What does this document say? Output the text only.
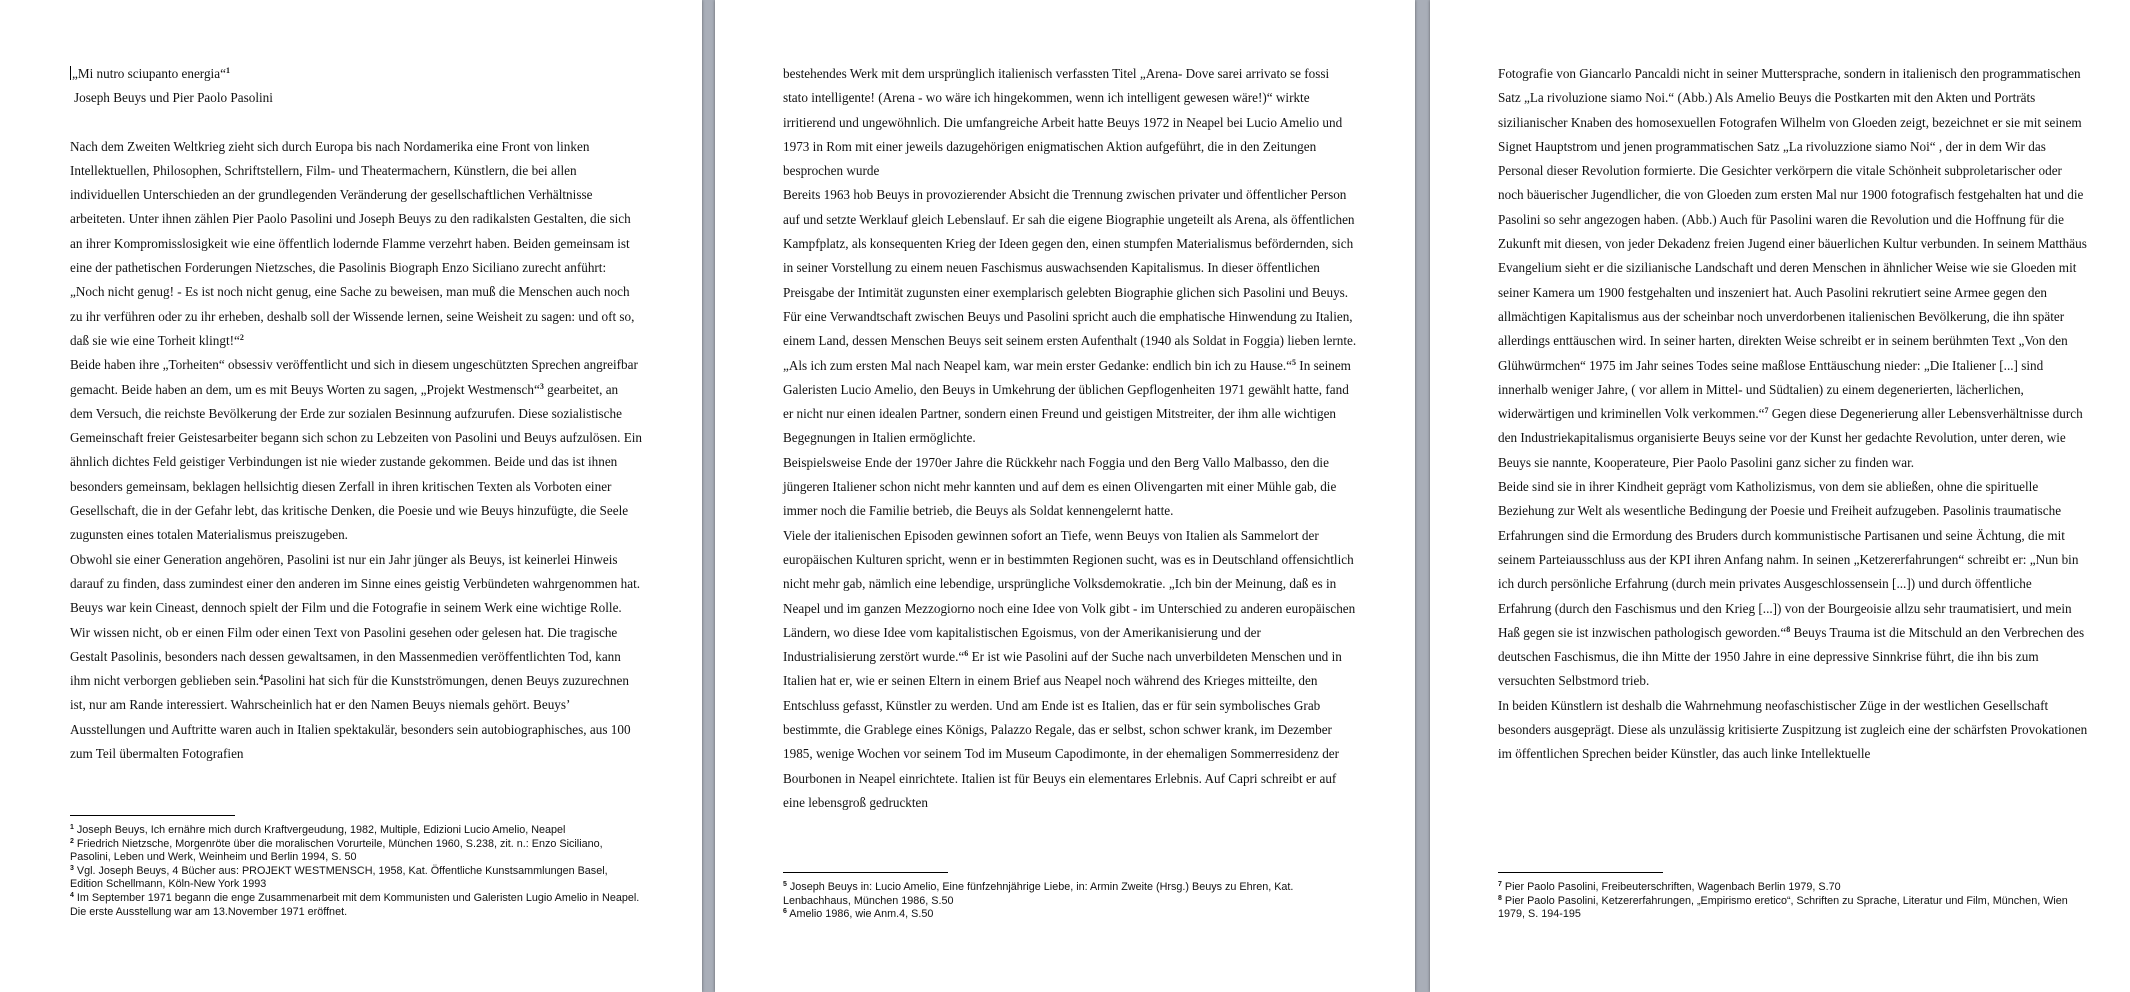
„Mi nutro sciupanto energia“$^1$

Joseph Beuys und Pier Paolo Pasolini

Nach dem Zweiten Weltkrieg zieht sich durch Europa bis nach Nordamerika eine Front von linken Intellektuellen, Philosophen, Schriftstellern, Film- und Theatermachern, Künstlern, die bei allen individuellen Unterschieden an der grundlegenden Veränderung der gesellschaftlichen Verhältnisse arbeiteten. Unter ihnen zählen Pier Paolo Pasolini und Joseph Beuys zu den radikalsten Gestalten, die sich an ihrer Kompromisslosigkeit wie eine öffentlich lodernde Flamme verzehrt haben. Beiden gemeinsam ist eine der pathetischen Forderungen Nietzsches, die Pasolinis Biograph Enzo Siciliano zurecht anführt: „Noch nicht genug! - Es ist noch nicht genug, eine Sache zu beweisen, man muß die Menschen auch noch zu ihr verführen oder zu ihr erheben, deshalb soll der Wissende lernen, seine Weisheit zu sagen: und oft so, daß sie wie eine Torheit klingt!“$^2$

Beide haben ihre „Torheiten“ obsessiv veröffentlicht und sich in diesem ungeschützten Sprechen angreifbar gemacht. Beide haben an dem, um es mit Beuys Worten zu sagen, „Projekt Westmensch“$^3$ gearbeitet, an dem Versuch, die reichste Bevölkerung der Erde zur sozialen Besinnung aufzurufen. Diese sozialistische Gemeinschaft freier Geistesarbeiter begann sich schon zu Lebzeiten von Pasolini und Beuys aufzulösen. Ein ähnlich dichtes Feld geistiger Verbindungen ist nie wieder zustande gekommen. Beide und das ist ihnen besonders gemeinsam, beklagen hellsichtig diesen Zerfall in ihren kritischen Texten als Vorboten einer Gesellschaft, die in der Gefahr lebt, das kritische Denken, die Poesie und wie Beuys hinzufügte, die Seele zugunsten eines totalen Materialismus preiszugeben.

Obwohl sie einer Generation angehören, Pasolini ist nur ein Jahr jünger als Beuys, ist keinerlei Hinweis darauf zu finden, dass zumindest einer den anderen im Sinne eines geistig Verbündeten wahrgenommen hat. Beuys war kein Cineast, dennoch spielt der Film und die Fotografie in seinem Werk eine wichtige Rolle. Wir wissen nicht, ob er einen Film oder einen Text von Pasolini gesehen oder gelesen hat. Die tragische Gestalt Pasolinis, besonders nach dessen gewaltsamen, in den Massenmedien veröffentlichten Tod, kann ihm nicht verborgen geblieben sein.$^4$Pasolini hat sich für die Kunstströmungen, denen Beuys zuzurechnen ist, nur am Rande interessiert. Wahrscheinlich hat er den Namen Beuys niemals gehört. Beuys’ Ausstellungen und Auftritte waren auch in Italien spektakulär, besonders sein autobiographisches, aus 100 zum Teil übermalten Fotografien

$^1$ Joseph Beuys, Ich ernähre mich durch Kraftvergeudung, 1982, Multiple, Edizioni Lucio Amelio, Neapel
$^2$ Friedrich Nietzsche, Morgenröte über die moralischen Vorurteile, München 1960, S.238, zit. n.: Enzo Siciliano, Pasolini, Leben und Werk, Weinheim und Berlin 1994, S. 50
$^3$ Vgl. Joseph Beuys, 4 Bücher aus: PROJEKT WESTMENSCH, 1958, Kat. Öffentliche Kunstsammlungen Basel, Edition Schellmann, Köln-New York 1993
$^4$ Im September 1971 begann die enge Zusammenarbeit mit dem Kommunisten und Galeristen Lugio Amelio in Neapel. Die erste Ausstellung war am 13.November 1971 eröffnet.

bestehendes Werk mit dem ursprünglich italienisch verfassten Titel „Arena- Dove sarei arrivato se fossi stato intelligente! (Arena - wo wäre ich hingekommen, wenn ich intelligent gewesen wäre!)“ wirkte irritierend und ungewöhnlich. Die umfangreiche Arbeit hatte Beuys 1972 in Neapel bei Lucio Amelio und 1973 in Rom mit einer jeweils dazugehörigen enigmatischen Aktion aufgeführt, die in den Zeitungen besprochen wurde

Bereits 1963 hob Beuys in provozierender Absicht die Trennung zwischen privater und öffentlicher Person auf und setzte Werklauf gleich Lebenslauf. Er sah die eigene Biographie ungeteilt als Arena, als öffentlichen Kampfplatz, als konsequenten Krieg der Ideen gegen den, einen stumpfen Materialismus befördernden, sich in seiner Vorstellung zu einem neuen Faschismus auswachsenden Kapitalismus. In dieser öffentlichen Preisgabe der Intimität zugunsten einer exemplarisch gelebten Biographie glichen sich Pasolini und Beuys.

Für eine Verwandtschaft zwischen Beuys und Pasolini spricht auch die emphatische Hinwendung zu Italien, einem Land, dessen Menschen Beuys seit seinem ersten Aufenthalt (1940 als Soldat in Foggia) lieben lernte. „Als ich zum ersten Mal nach Neapel kam, war mein erster Gedanke: endlich bin ich zu Hause.“$^5$ In seinem Galeristen Lucio Amelio, den Beuys in Umkehrung der üblichen Gepflogenheiten 1971 gewählt hatte, fand er nicht nur einen idealen Partner, sondern einen Freund und geistigen Mitstreiter, der ihm alle wichtigen Begegnungen in Italien ermöglichte.

Beispielsweise Ende der 1970er Jahre die Rückkehr nach Foggia und den Berg Vallo Malbasso, den die jüngeren Italiener schon nicht mehr kannten und auf dem es einen Olivengarten mit einer Mühle gab, die immer noch die Familie betrieb, die Beuys als Soldat kennengelernt hatte.

Viele der italienischen Episoden gewinnen sofort an Tiefe, wenn Beuys von Italien als Sammelort der europäischen Kulturen spricht, wenn er in bestimmten Regionen sucht, was es in Deutschland offensichtlich nicht mehr gab, nämlich eine lebendige, ursprüngliche Volksdemokratie. „Ich bin der Meinung, daß es in Neapel und im ganzen Mezzogiorno noch eine Idee von Volk gibt - im Unterschied zu anderen europäischen Ländern, wo diese Idee vom kapitalistischen Egoismus, von der Amerikanisierung und der Industrialisierung zerstört wurde.“$^6$ Er ist wie Pasolini auf der Suche nach unverbildeten Menschen und in Italien hat er, wie er seinen Eltern in einem Brief aus Neapel noch während des Krieges mitteilte, den Entschluss gefasst, Künstler zu werden. Und am Ende ist es Italien, das er für sein symbolisches Grab bestimmte, die Grablege eines Königs, Palazzo Regale, das er selbst, schon schwer krank, im Dezember 1985, wenige Wochen vor seinem Tod im Museum Capodimonte, in der ehemaligen Sommerresidenz der Bourbonen in Neapel einrichtete. Italien ist für Beuys ein elementares Erlebnis. Auf Capri schreibt er auf eine lebensgroß gedruckten

$^5$ Joseph Beuys in: Lucio Amelio, Eine fünfzehnjährige Liebe, in: Armin Zweite (Hrsg.) Beuys zu Ehren, Kat. Lenbachhaus, München 1986, S.50
$^6$ Amelio 1986, wie Anm.4, S.50

Fotografie von Giancarlo Pancaldi nicht in seiner Muttersprache, sondern in italienisch den programmatischen Satz „La rivoluzione siamo Noi.“ (Abb.) Als Amelio Beuys die Postkarten mit den Akten und Porträts sizilianischer Knaben des homosexuellen Fotografen Wilhelm von Gloeden zeigt, bezeichnet er sie mit seinem Signet Hauptstrom und jenen programmatischen Satz „La rivoluzzione siamo Noi“ , der in dem Wir das Personal dieser Revolution formierte. Die Gesichter verkörpern die vitale Schönheit subproletarischer oder noch bäuerischer Jugendlicher, die von Gloeden zum ersten Mal nur 1900 fotografisch festgehalten hat und die Pasolini so sehr angezogen haben. (Abb.) Auch für Pasolini waren die Revolution und die Hoffnung für die Zukunft mit diesen, von jeder Dekadenz freien Jugend einer bäuerlichen Kultur verbunden. In seinem Matthäus Evangelium sieht er die sizilianische Landschaft und deren Menschen in ähnlicher Weise wie sie Gloeden mit seiner Kamera um 1900 festgehalten und inszeniert hat. Auch Pasolini rekrutiert seine Armee gegen den allmächtigen Kapitalismus aus der scheinbar noch unverdorbenen italienischen Bevölkerung, die ihn später allerdings enttäuschen wird. In seiner harten, direkten Weise schreibt er in seinem berühmten Text „Von den Glühwürmchen“ 1975 im Jahr seines Todes seine maßlose Enttäuschung nieder: „Die Italiener [...] sind innerhalb weniger Jahre, ( vor allem in Mittel- und Südtalien) zu einem degenerierten, lächerlichen, widerwärtigen und kriminellen Volk verkommen.“$^7$ Gegen diese Degenerierung aller Lebensverhältnisse durch den Industriekapitalismus organisierte Beuys seine vor der Kunst her gedachte Revolution, unter deren, wie Beuys sie nannte, Kooperateure, Pier Paolo Pasolini ganz sicher zu finden war.

Beide sind sie in ihrer Kindheit geprägt vom Katholizismus, von dem sie abließen, ohne die spirituelle Beziehung zur Welt als wesentliche Bedingung der Poesie und Freiheit aufzugeben. Pasolinis traumatische Erfahrungen sind die Ermordung des Bruders durch kommunistische Partisanen und seine Ächtung, die mit seinem Parteiausschluss aus der KPI ihren Anfang nahm. In seinen „Ketzererfahrungen“ schreibt er: „Nun bin ich durch persönliche Erfahrung (durch mein privates Ausgeschlossensein [...]) und durch öffentliche Erfahrung (durch den Faschismus und den Krieg [...]) von der Bourgeoisie allzu sehr traumatisiert, und mein Haß gegen sie ist inzwischen pathologisch geworden.“$^8$ Beuys Trauma ist die Mitschuld an den Verbrechen des deutschen Faschismus, die ihn Mitte der 1950 Jahre in eine depressive Sinnkrise führt, die ihn bis zum versuchten Selbstmord trieb.

In beiden Künstlern ist deshalb die Wahrnehmung neofaschistischer Züge in der westlichen Gesellschaft besonders ausgeprägt. Diese als unzulässig kritisierte Zuspitzung ist zugleich eine der schärfsten Provokationen im öffentlichen Sprechen beider Künstler, das auch linke Intellektuelle

$^7$ Pier Paolo Pasolini, Freibeuterschriften, Wagenbach Berlin 1979, S.70
$^8$ Pier Paolo Pasolini, Ketzererfahrungen, „Empirismo eretico“, Schriften zu Sprache, Literatur und Film, München, Wien 1979, S. 194-195
